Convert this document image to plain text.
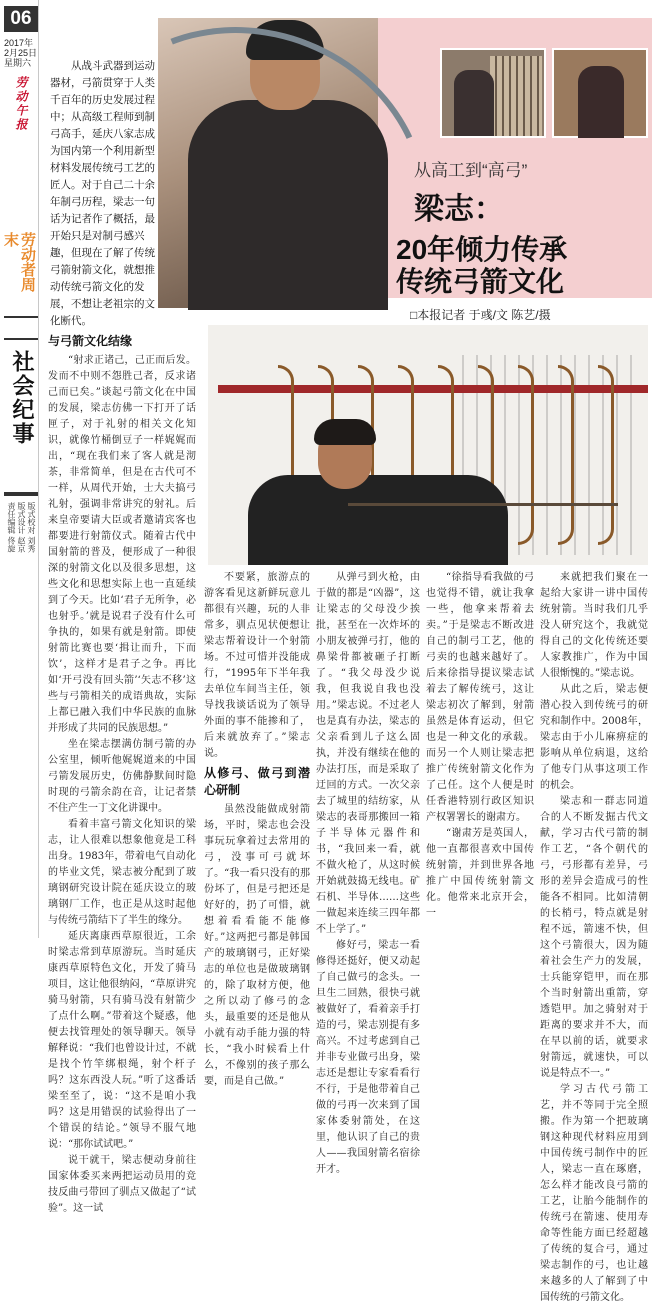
06
2017年
2月25日
星期六
劳动午报
劳动者周末
社会纪事
版式校对 刘秀
版式设计 赵京
责任编辑 佟旋
从战斗武器到运动器材，弓箭贯穿于人类千百年的历史发展过程中；从高级工程师到制弓高手，延庆八家志成为国内第一个利用新型材料发展传统弓工艺的匠人。对于自己二十余年制弓历程，梁志一句话为记者作了概括，最开始只是对制弓感兴趣，但现在了解了传统弓箭射箭文化，就想推动传统弓箭文化的发展，不想让老祖宗的文化断代。
从高工到“高弓”
梁志：
20年倾力传承
传统弓箭文化
□本报记者 于彧/文 陈艺/摄
与弓箭文化结缘

“射求正诸己，己正而后发。发而不中则不怨胜己者，反求诸己而已矣。”谈起弓箭文化在中国的发展，梁志仿佛一下打开了话匣子，对于礼射的相关文化知识，就像竹桶倒豆子一样娓娓而出，“现在我们来了客人就是沏茶，非常简单，但是在古代可不一样，从周代开始，士大夫搞弓礼射，强调非常讲究的射礼。后来皇帝要请大臣或者邀请宾客也都要进行射箭仪式。随着古代中国射箭的普及，便形成了一种很深的射箭文化以及很多思想，这些文化和思想实际上也一直延续到了今天。比如‘君子无所争，必也射乎。’就是说君子没有什么可争执的，如果有就是射箭。即使射箭比赛也要‘揖让而升，下而饮’，这样才是君子之争。再比如‘开弓没有回头箭’‘矢志不移’这些与弓箭相关的成语典故，实际上都已融入我们中华民族的血脉并形成了共同的民族思想。”

坐在梁志摆满仿制弓箭的办公室里，倾听他娓娓道来的中国弓箭发展历史，仿佛静默间时隐时现的弓箭余韵在音，让记者禁不住产生一丁文化讲课中。

看着丰富弓箭文化知识的梁志，让人很难以想象他竟是工科出身。1983年，带着电气自动化的毕业文凭，梁志被分配到了玻璃钢研究设计院在延庆设立的玻璃钢厂工作，也正是从这时起他与传统弓箭结下了半生的缘分。

延庆离康西草原很近，工余时梁志常到草原游玩。当时延庆康西草原特色文化，开发了骑马项目，这让他很纳闷，“草原讲究骑马射箭，只有骑马没有射箭少了点什么啊。”带着这个疑惑，他便去找管理处的领导聊天。领导解释说：“我们也曾设计过，不就是找个竹竿绑根绳，射个杆子吗？这东西没人玩。”听了这番话梁至至了，说：“这不是咱小我吗？这是用错误的试验得出了一个错误的结论。”领导不服气地说：“那你试试吧。”

说干就干，梁志便动身前往国家体委买来两把运动员用的竞技反曲弓带回了驯点又做起了“试验”。这一试

不要紧，旅游点的游客看见这新鲜玩意儿都很有兴趣，玩的人非常多，驯点见状便想让梁志帮着设计一个射箭场。不过可惜并没能成行，“1995年下半年我去单位车间当主任，领导找我谈话说为了领导外面的事不能掺和了，后来就放弃了。”梁志说。

从修弓、做弓到潜心研制

虽然没能做成射箭场，平时，梁志也会没事玩玩拿着过去常用的弓，没事可弓就坏了。“我一看只没有的那份坏了，但是弓把还是好好的，扔了可惜，就想着看看能不能修好。”这两把弓都是韩国产的玻璃钢弓，正好梁志的单位也是做玻璃钢的，除了取材方便，他之所以动了修弓的念头，最重要的还是他从小就有动手能力强的特长，“我小时候看上什么，不像别的孩子那么要，而是自己做。”

从弹弓到火枪，由于做的都是“凶器”，这让梁志的父母没少挨批，甚至在一次炸坏的小朋友被弹弓打，他的鼻梁骨都被砸子打断了。“我父母没少说我，但我说自我也没用。”梁志说。不过老人也是真有办法，梁志的父亲看到儿子这么固执，并没有继续在他的办法打压，而是采取了迂回的方式。一次父亲去了城里的结纺家，从梁志的表哥那搬回一箱子半导体元器件和书，“我回来一看，就不做火枪了，从这时候开始就鼓捣无线电。矿石机、半导体……这些一做起来连续三四年都不上学了。”

修好弓，梁志一看修得还挺好，便又动起了自己做弓的念头。一旦生二回熟，很快弓就被做好了，看着亲手打造的弓，梁志别提有多高兴。不过考虑到自己并非专业做弓出身，梁志还是想让专家看看行不行，于是他带着自己做的弓再一次来到了国家体委射箭处，在这里，他认识了自己的贵人——我国射箭名宿徐开才。

“徐指导看我做的弓也觉得不错，就让我拿一些，他拿来帮着去卖。”于是梁志不断改进自己的制弓工艺，他的弓卖的也越来越好了。后来徐指导提议梁志试着去了解传统弓，这让梁志初次了解到，射箭虽然是体育运动，但它也是一种文化的承载。而另一个人则让梁志把推广传统射箭文化作为了己任。这个人便是时任香港特别行政区知识产权署署长的谢肃方。

“谢肃芳是英国人，他一直都很喜欢中国传统射箭，并到世界各地推广中国传统射箭文化。他常来北京开会，一

来就把我们聚在一起给大家讲一讲中国传统射箭。当时我们几乎没人研究这个，我就觉得自己的文化传统还要人家教推广，作为中国人很惭愧的。”梁志说。

从此之后，梁志便潜心投入到传统弓的研究和制作中。2008年，梁志由于小儿麻痹症的影响从单位病退，这给了他专门从事这项工作的机会。

梁志和一群志同道合的人不断发掘古代文献，学习古代弓箭的制作工艺，“各个朝代的弓，弓形都有差异，弓形的差异会造成弓的性能各不相同。比如清朝的长梢弓，特点就是射程不远，箭速不快，但这个弓箭很大，因为随着社会生产力的发展，士兵能穿铠甲，而在那个当时射箭出重箭，穿透铠甲。加之骑射对于距离的要求并不大，而在早以前的话，就要求射箭远，就速快，可以说是特点不一。”

学习古代弓箭工艺，并不等同于完全照搬。作为第一个把玻璃钢这种现代材料应用到中国传统弓制作中的匠人，梁志一直在琢磨，怎么样才能改良弓箭的工艺，让胎今能制作的传统弓在箭速、使用寿命等性能方面已经超越了传统的复合弓，通过梁志制作的弓，也让越来越多的人了解到了中国传统的弓箭文化。
